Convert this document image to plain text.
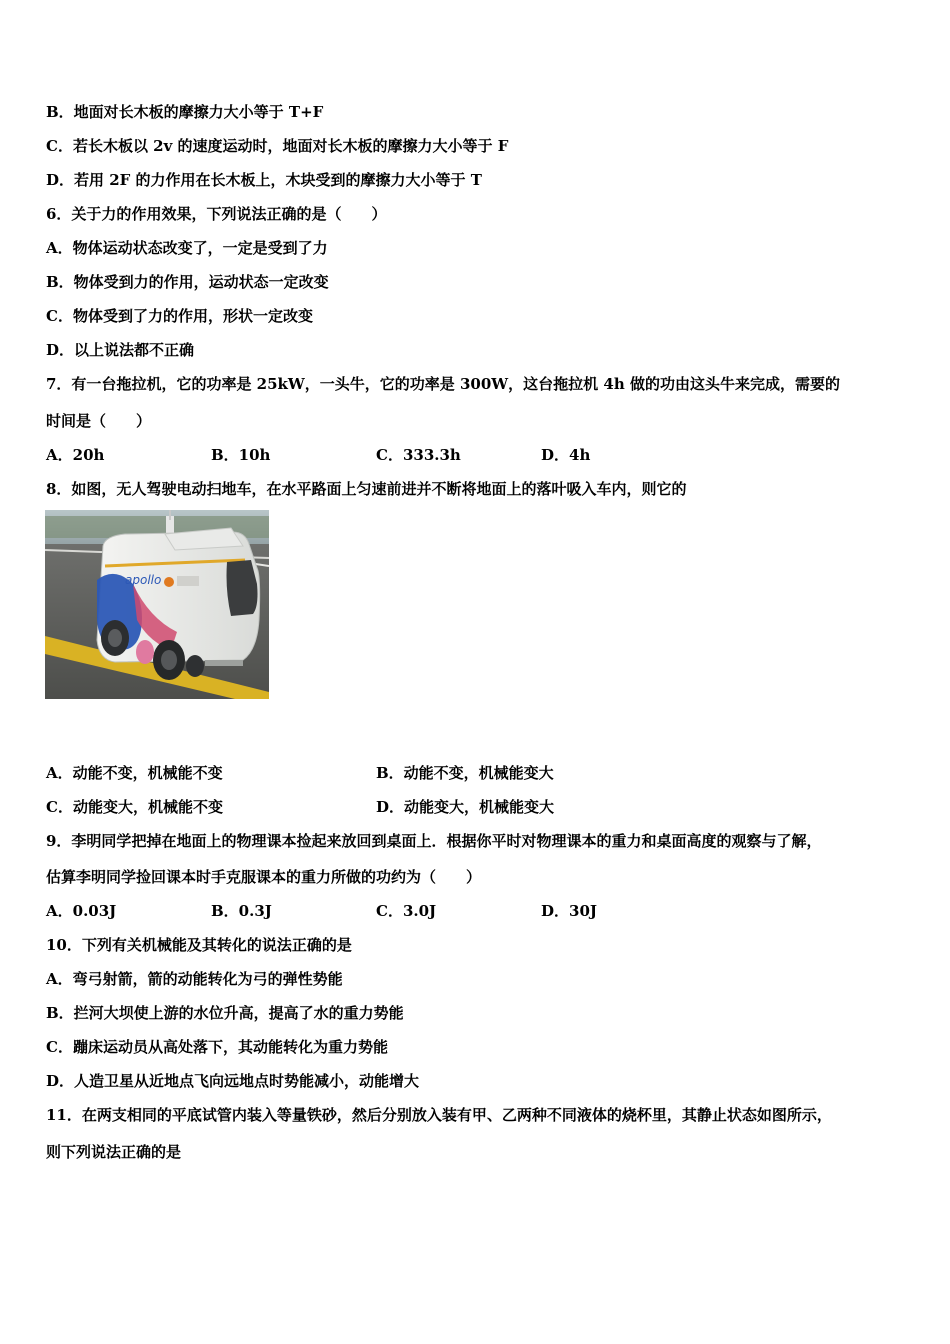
B．地面对长木板的摩擦力大小等于 T+F
C．若长木板以 2v 的速度运动时，地面对长木板的摩擦力大小等于 F
D．若用 2F 的力作用在长木板上，木块受到的摩擦力大小等于 T
6．关于力的作用效果，下列说法正确的是（　　）
A．物体运动状态改变了，一定是受到了力
B．物体受到力的作用，运动状态一定改变
C．物体受到了力的作用，形状一定改变
D．以上说法都不正确
7．有一台拖拉机，它的功率是 25kW，一头牛，它的功率是 300W，这台拖拉机 4h 做的功由这头牛来完成，需要的
时间是（　　）
A．20h	B．10h	C．333.3h	D．4h
8．如图，无人驾驶电动扫地车，在水平路面上匀速前进并不断将地面上的落叶吸入车内，则它的
apollo
A．动能不变，机械能不变	B．动能不变，机械能变大
C．动能变大，机械能不变	D．动能变大，机械能变大
9．李明同学把掉在地面上的物理课本捡起来放回到桌面上．根据你平时对物理课本的重力和桌面高度的观察与了解，
估算李明同学捡回课本时手克服课本的重力所做的功约为（　　）
A．0.03J	B．0.3J	C．3.0J	D．30J
10．下列有关机械能及其转化的说法正确的是
A．弯弓射箭，箭的动能转化为弓的弹性势能
B．拦河大坝使上游的水位升高，提高了水的重力势能
C．蹦床运动员从高处落下，其动能转化为重力势能
D．人造卫星从近地点飞向远地点时势能减小，动能增大
11．在两支相同的平底试管内装入等量铁砂，然后分别放入装有甲、乙两种不同液体的烧杯里，其静止状态如图所示，
则下列说法正确的是
